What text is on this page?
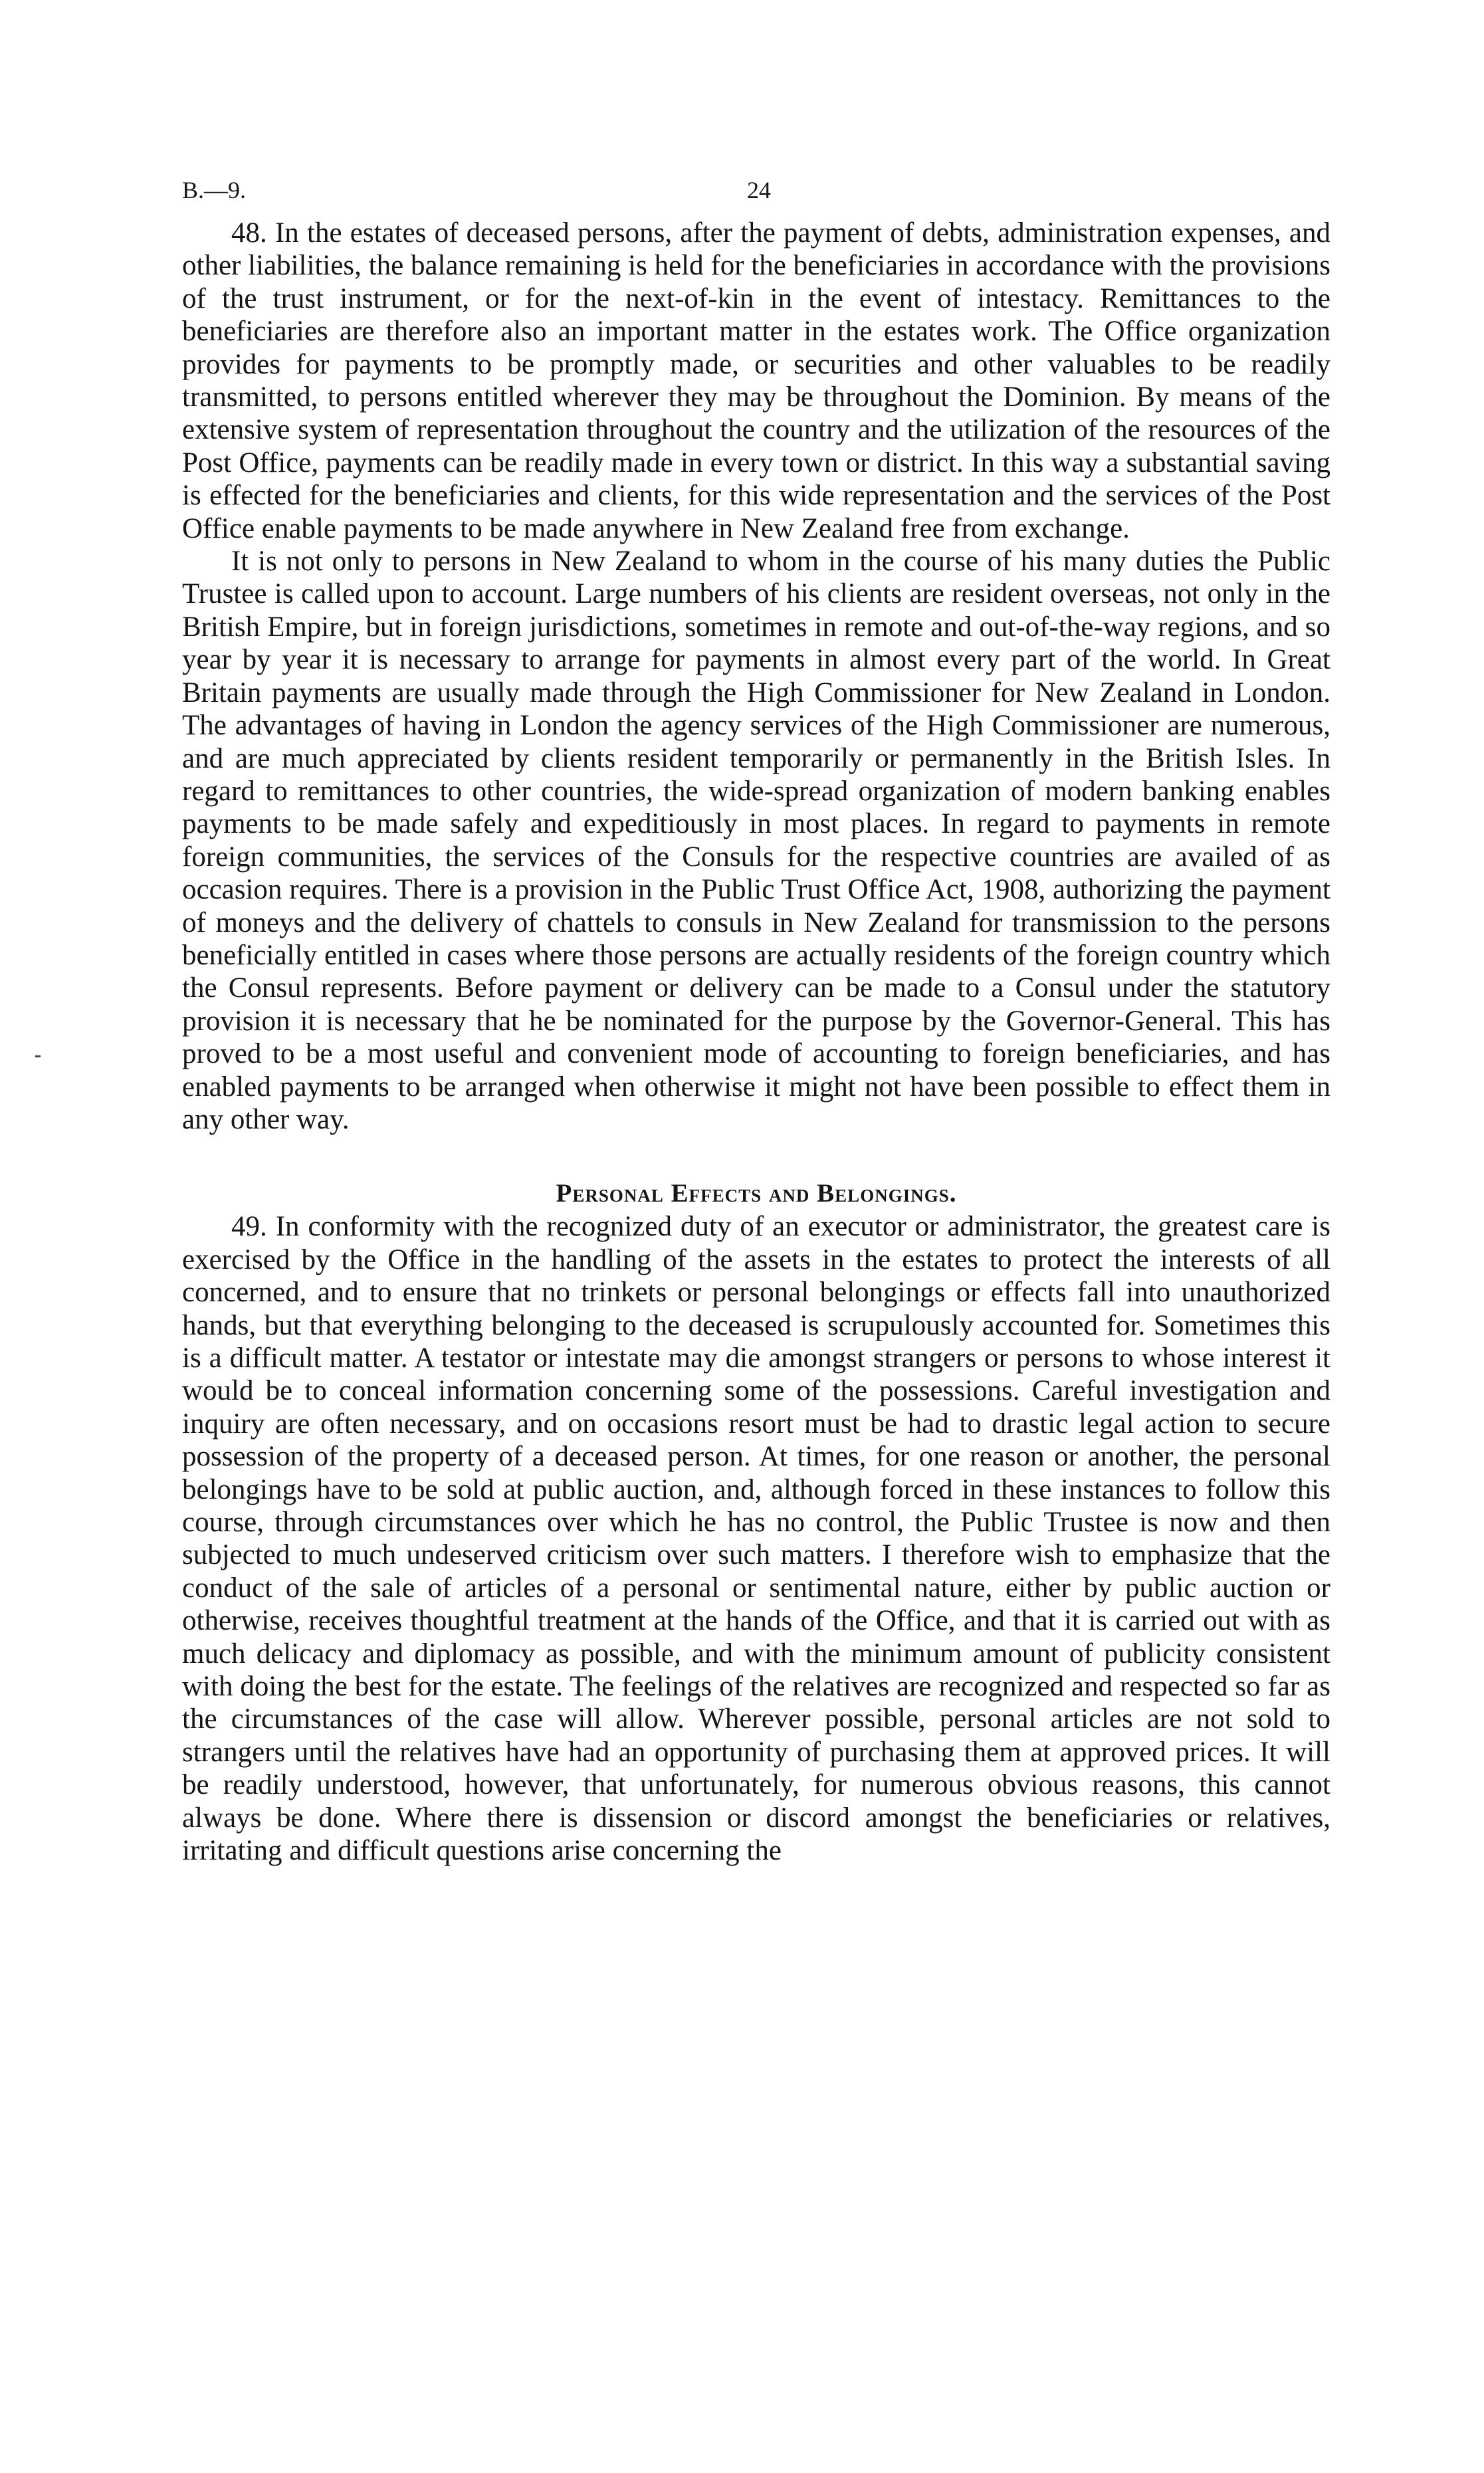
B.—9.	24

48. In the estates of deceased persons, after the payment of debts, administration expenses, and other liabilities, the balance remaining is held for the beneficiaries in accordance with the provisions of the trust instrument, or for the next-of-kin in the event of intestacy. Remittances to the beneficiaries are therefore also an important matter in the estates work. The Office organization provides for payments to be promptly made, or securities and other valuables to be readily transmitted, to persons entitled wherever they may be throughout the Dominion. By means of the extensive system of representation throughout the country and the utilization of the resources of the Post Office, payments can be readily made in every town or district. In this way a substantial saving is effected for the beneficiaries and clients, for this wide representation and the services of the Post Office enable payments to be made anywhere in New Zealand free from exchange.

It is not only to persons in New Zealand to whom in the course of his many duties the Public Trustee is called upon to account. Large numbers of his clients are resident overseas, not only in the British Empire, but in foreign jurisdictions, sometimes in remote and out-of-the-way regions, and so year by year it is necessary to arrange for payments in almost every part of the world. In Great Britain payments are usually made through the High Commissioner for New Zealand in London. The advantages of having in London the agency services of the High Commissioner are numerous, and are much appreciated by clients resident temporarily or permanently in the British Isles. In regard to remittances to other countries, the wide-spread organization of modern banking enables payments to be made safely and expeditiously in most places. In regard to payments in remote foreign communities, the services of the Consuls for the respective countries are availed of as occasion requires. There is a provision in the Public Trust Office Act, 1908, authorizing the payment of moneys and the delivery of chattels to consuls in New Zealand for transmission to the persons beneficially entitled in cases where those persons are actually residents of the foreign country which the Consul represents. Before payment or delivery can be made to a Consul under the statutory provision it is necessary that he be nominated for the purpose by the Governor-General. This has proved to be a most useful and convenient mode of accounting to foreign beneficiaries, and has enabled payments to be arranged when otherwise it might not have been possible to effect them in any other way.

Personal Effects and Belongings.

49. In conformity with the recognized duty of an executor or administrator, the greatest care is exercised by the Office in the handling of the assets in the estates to protect the interests of all concerned, and to ensure that no trinkets or personal belongings or effects fall into unauthorized hands, but that everything belonging to the deceased is scrupulously accounted for. Sometimes this is a difficult matter. A testator or intestate may die amongst strangers or persons to whose interest it would be to conceal information concerning some of the possessions. Careful investigation and inquiry are often necessary, and on occasions resort must be had to drastic legal action to secure possession of the property of a deceased person. At times, for one reason or another, the personal belongings have to be sold at public auction, and, although forced in these instances to follow this course, through circumstances over which he has no control, the Public Trustee is now and then subjected to much undeserved criticism over such matters. I therefore wish to emphasize that the conduct of the sale of articles of a personal or sentimental nature, either by public auction or otherwise, receives thoughtful treatment at the hands of the Office, and that it is carried out with as much delicacy and diplomacy as possible, and with the minimum amount of publicity consistent with doing the best for the estate. The feelings of the relatives are recognized and respected so far as the circumstances of the case will allow. Wherever possible, personal articles are not sold to strangers until the relatives have had an opportunity of purchasing them at approved prices. It will be readily understood, however, that unfortunately, for numerous obvious reasons, this cannot always be done. Where there is dissension or discord amongst the beneficiaries or relatives, irritating and difficult questions arise concerning the
